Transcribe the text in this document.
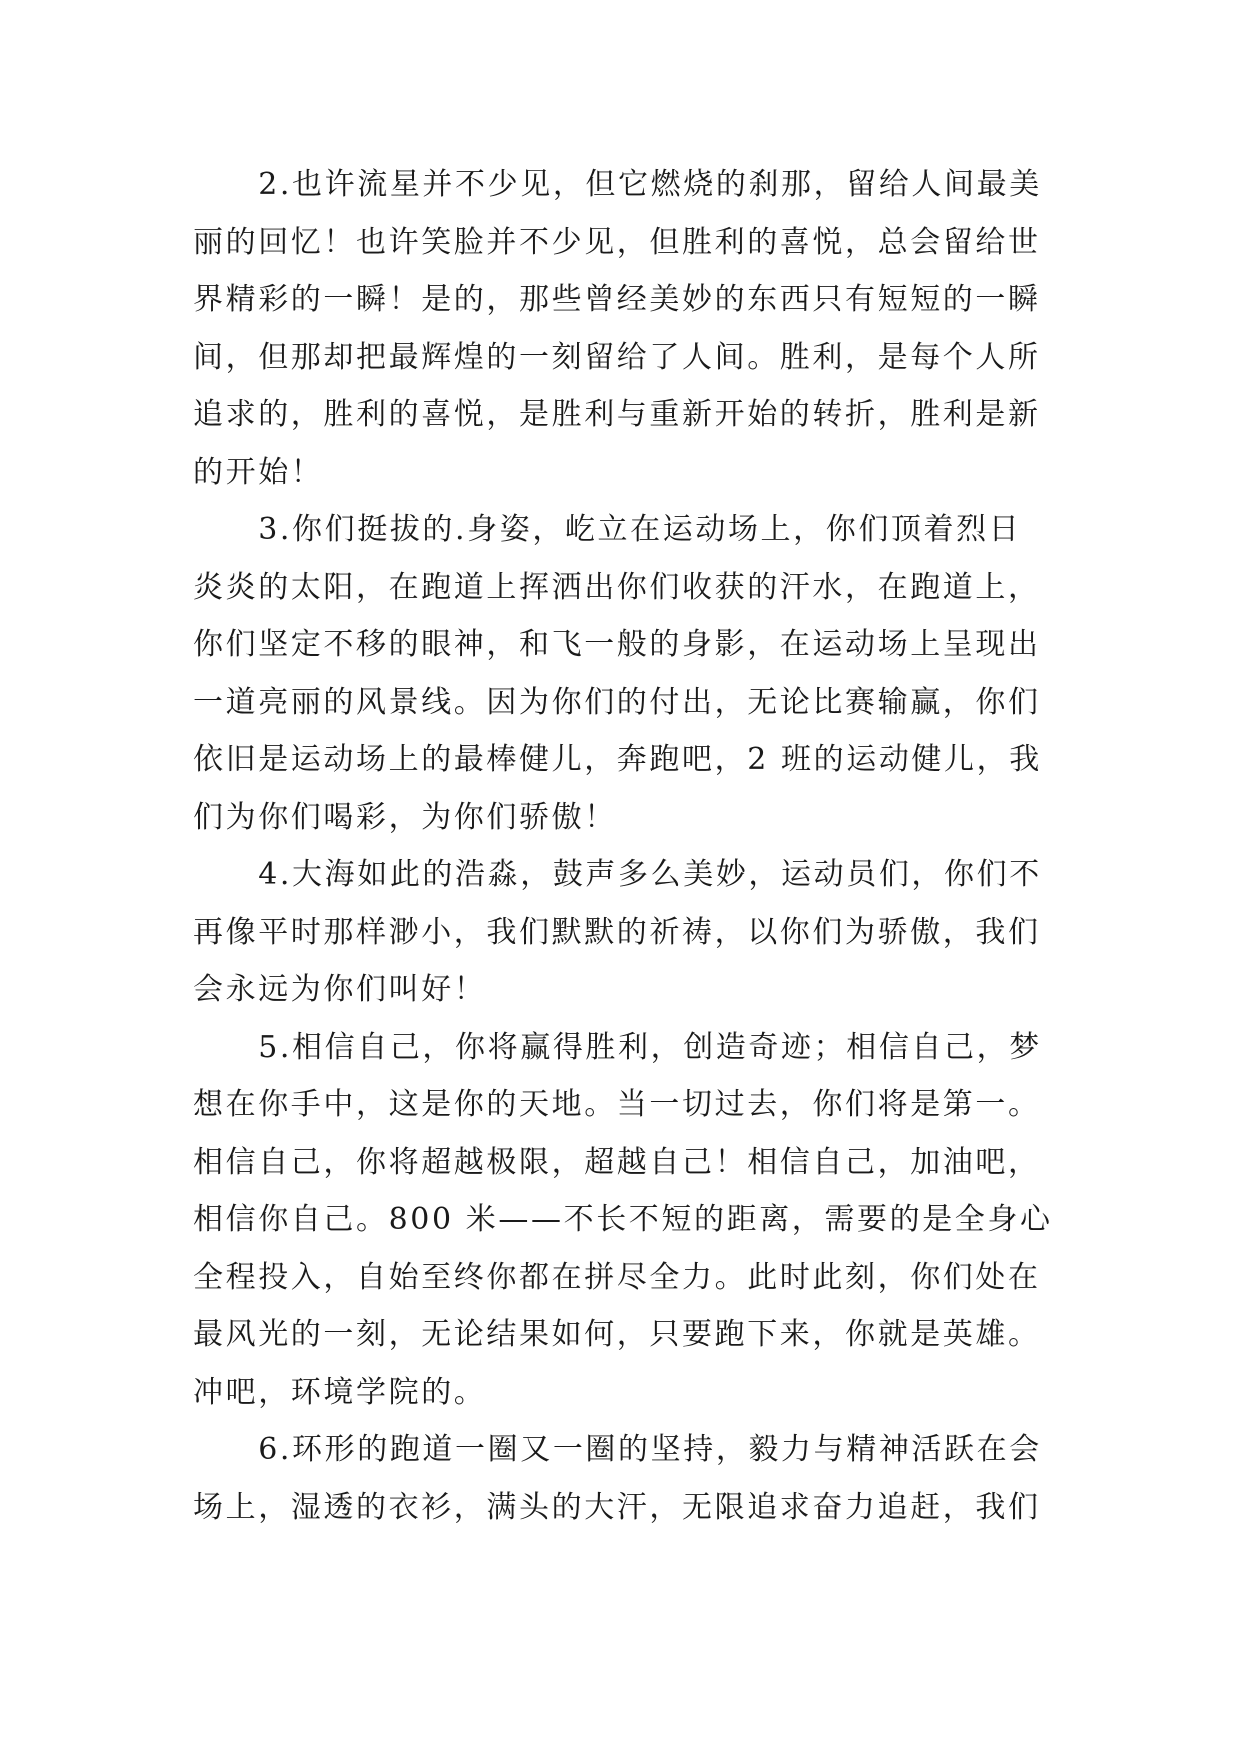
　　2.也许流星并不少见，但它燃烧的刹那，留给人间最美
丽的回忆！也许笑脸并不少见，但胜利的喜悦，总会留给世
界精彩的一瞬！是的，那些曾经美妙的东西只有短短的一瞬
间，但那却把最辉煌的一刻留给了人间。胜利，是每个人所
追求的，胜利的喜悦，是胜利与重新开始的转折，胜利是新
的开始！
　　3.你们挺拔的.身姿，屹立在运动场上，你们顶着烈日
炎炎的太阳，在跑道上挥洒出你们收获的汗水，在跑道上，
你们坚定不移的眼神，和飞一般的身影，在运动场上呈现出
一道亮丽的风景线。因为你们的付出，无论比赛输赢，你们
依旧是运动场上的最棒健儿，奔跑吧，2 班的运动健儿，我
们为你们喝彩，为你们骄傲！
　　4.大海如此的浩淼，鼓声多么美妙，运动员们，你们不
再像平时那样渺小，我们默默的祈祷，以你们为骄傲，我们
会永远为你们叫好！
　　5.相信自己，你将赢得胜利，创造奇迹；相信自己，梦
想在你手中，这是你的天地。当一切过去，你们将是第一。
相信自己，你将超越极限，超越自己！相信自己，加油吧，
相信你自己。800 米——不长不短的距离，需要的是全身心
全程投入，自始至终你都在拼尽全力。此时此刻，你们处在
最风光的一刻，无论结果如何，只要跑下来，你就是英雄。
冲吧，环境学院的。
　　6.环形的跑道一圈又一圈的坚持，毅力与精神活跃在会
场上，湿透的衣衫，满头的大汗，无限追求奋力追赶，我们
